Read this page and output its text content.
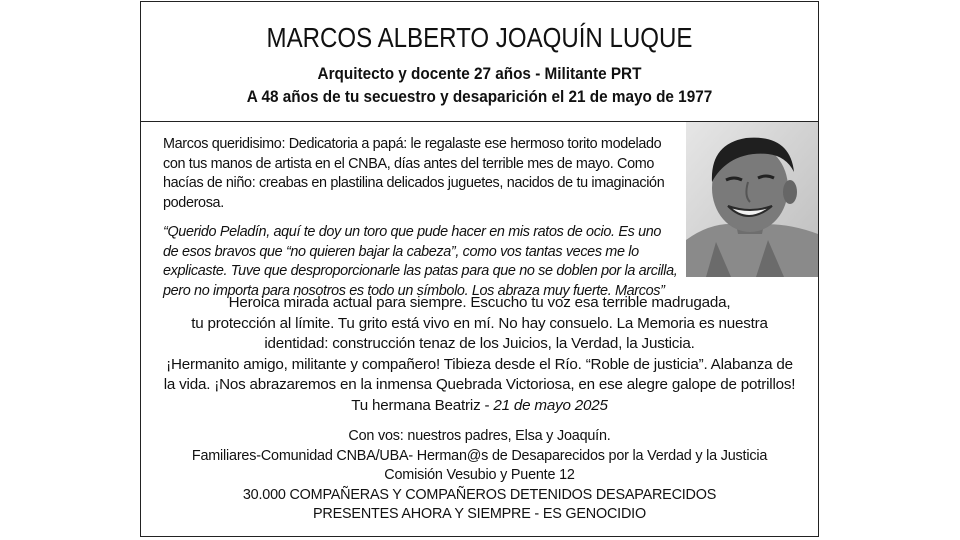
MARCOS ALBERTO JOAQUÍN LUQUE
Arquitecto y docente 27 años - Militante PRT
A 48 años de tu secuestro y desaparición el 21 de mayo de 1977

Marcos queridisimo: Dedicatoria a papá: le regalaste ese hermoso torito modelado con tus manos de artista en el CNBA, días antes del terrible mes de mayo. Como hacías de niño: creabas en plastilina delicados juguetes, nacidos de tu imaginación poderosa.

“Querido Peladín, aquí te doy un toro que pude hacer en mis ratos de ocio. Es uno de esos bravos que “no quieren bajar la cabeza”, como vos tantas veces me lo explicaste. Tuve que desproporcionarle las patas para que no se doblen por la arcilla, pero no importa para nosotros es todo un símbolo. Los abraza muy fuerte. Marcos”

Heroica mirada actual para siempre. Escucho tu voz esa terrible madrugada,
tu protección al límite. Tu grito está vivo en mí. No hay consuelo. La Memoria es nuestra
identidad: construcción tenaz de los Juicios, la Verdad, la Justicia.
¡Hermanito amigo, militante y compañero! Tibieza desde el Río. “Roble de justicia”. Alabanza de
la vida. ¡Nos abrazaremos en la inmensa Quebrada Victoriosa, en ese alegre galope de potrillos!
Tu hermana Beatriz - 21 de mayo 2025
Con vos: nuestros padres, Elsa y Joaquín.
Familiares-Comunidad CNBA/UBA- Herman@s de Desaparecidos por la Verdad y la Justicia
Comisión Vesubio y Puente 12
30.000 COMPAÑERAS Y COMPAÑEROS DETENIDOS DESAPARECIDOS
PRESENTES AHORA Y SIEMPRE - ES GENOCIDIO
